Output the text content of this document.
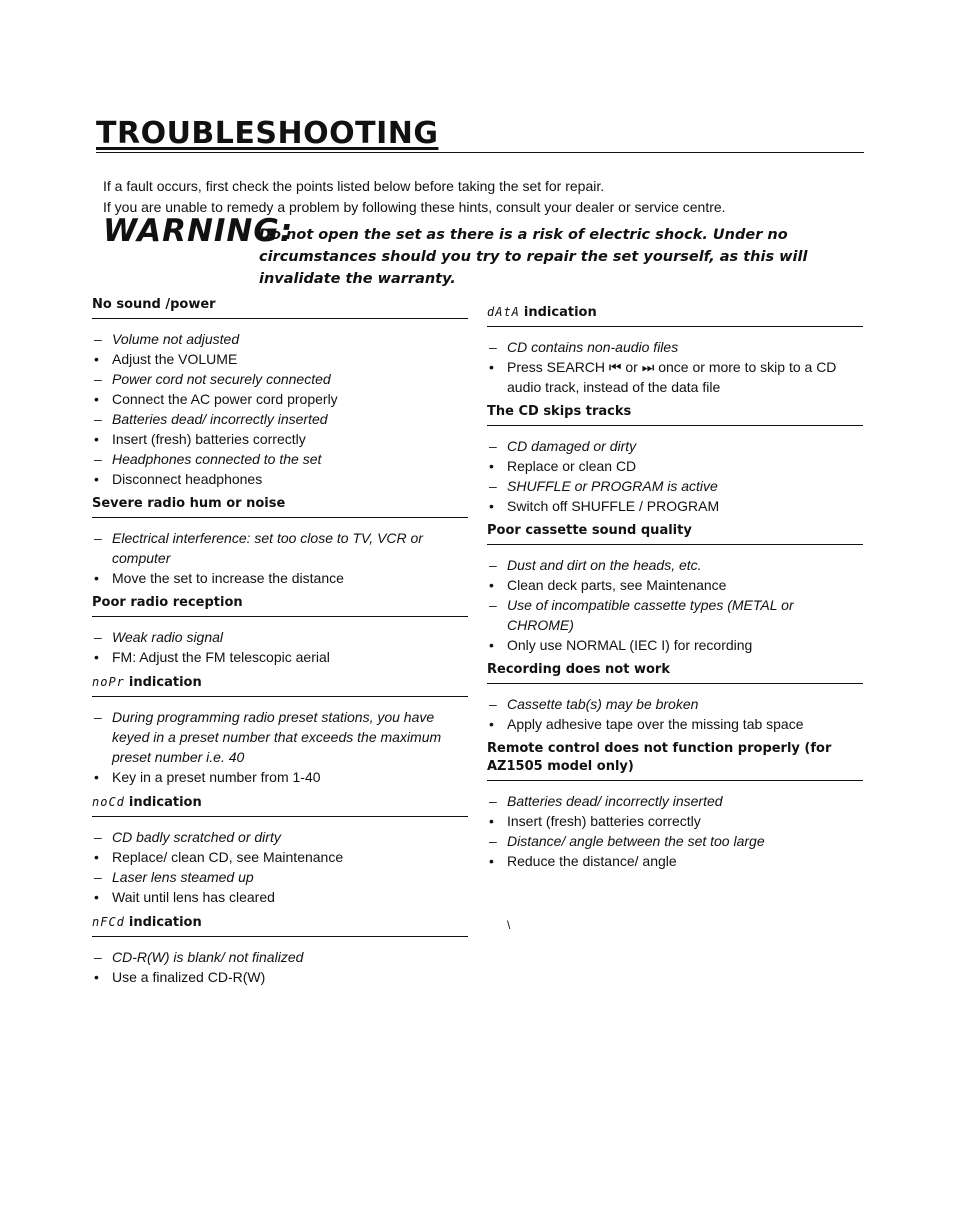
TROUBLESHOOTING
If a fault occurs, first check the points listed below before taking the set for repair.
If you are unable to remedy a problem by following these hints, consult your dealer or service centre.
WARNING:
Do not open the set as there is a risk of electric shock. Under no circumstances should you try to repair the set yourself, as this will invalidate the warranty.
No sound /power
– Volume not adjusted
• Adjust the VOLUME
– Power cord not securely connected
• Connect the AC power cord properly
– Batteries dead/ incorrectly inserted
• Insert (fresh) batteries correctly
– Headphones connected to the set
• Disconnect headphones
Severe radio hum or noise
– Electrical interference: set too close to TV, VCR or computer
• Move the set to increase the distance
Poor radio reception
– Weak radio signal
• FM: Adjust the FM telescopic aerial
noPr indication
– During programming radio preset stations, you have keyed in a preset number that exceeds the maximum preset number i.e. 40
• Key in a preset number from 1-40
noCd indication
– CD badly scratched or dirty
• Replace/ clean CD, see Maintenance
– Laser lens steamed up
• Wait until lens has cleared
nFCd indication
– CD-R(W) is blank/ not finalized
• Use a finalized CD-R(W)
dAtA indication
– CD contains non-audio files
• Press SEARCH ⏮ or ⏭ once or more to skip to a CD audio track, instead of the data file
The CD skips tracks
– CD damaged or dirty
• Replace or clean CD
– SHUFFLE or PROGRAM is active
• Switch off SHUFFLE / PROGRAM
Poor cassette sound quality
– Dust and dirt on the heads, etc.
• Clean deck parts, see Maintenance
– Use of incompatible cassette types (METAL or CHROME)
• Only use NORMAL (IEC I) for recording
Recording does not work
– Cassette tab(s) may be broken
• Apply adhesive tape over the missing tab space
Remote control does not function properly (for AZ1505 model only)
– Batteries dead/ incorrectly inserted
• Insert (fresh) batteries correctly
– Distance/ angle between the set too large
• Reduce the distance/ angle
\
